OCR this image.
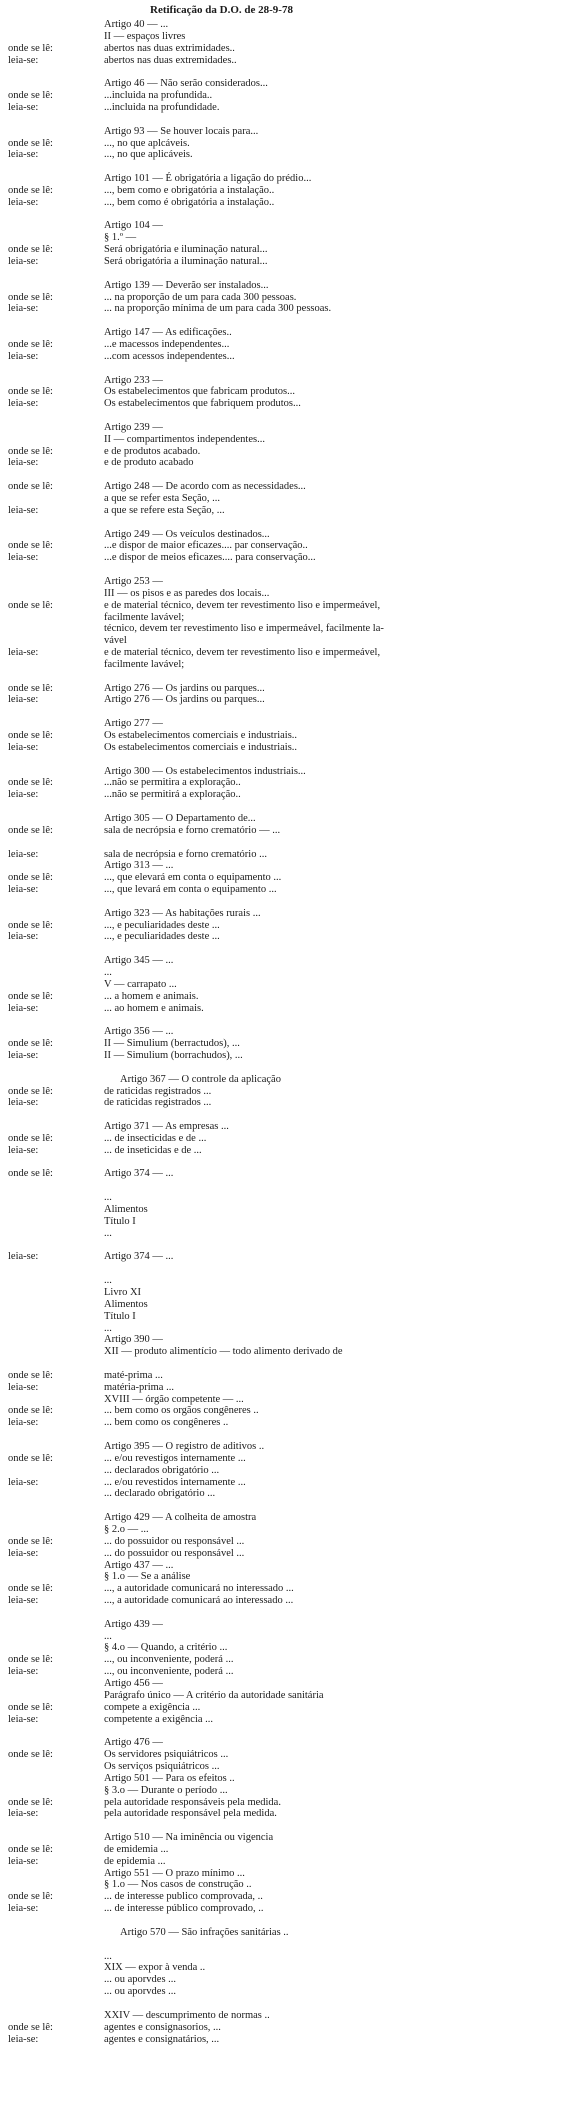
Retificação da D.O. de 28-9-78
Artigo 40 — ...
II — espaços livres
onde se lê:	abertos nas duas extrimidades..
leia-se:	abertos nas duas extremidades..
Artigo 46 — Não serão considerados...
onde se lê:	...incluida na profundida..
leia-se:	...incluida na profundidade.
Artigo 93 — Se houver locais para...
onde se lê:	..., no que aplcáveis.
leia-se:	..., no que aplicáveis.
Artigo 101 — É obrigatória a ligação do prédio...
onde se lê:	..., bem como e obrigatória a instalação..
leia-se:	..., bem como é obrigatória a instalação..
Artigo 104 —
§ 1.º —
onde se lê:	Será obrigatória e iluminação natural...
leia-se:	Será obrigatória a iluminação natural...
Artigo 139 — Deverão ser instalados...
onde se lê:	... na proporção de um para cada 300 pessoas.
leia-se:	... na proporção mínima de um para cada 300 pessoas.
Artigo 147 — As edificações..
onde se lê:	...e macessos independentes...
leia-se:	...com acessos independentes...
Artigo 233 —
onde se lê:	Os estabelecimentos que fabricam produtos...
leia-se:	Os estabelecimentos que fabriquem produtos...
Artigo 239 —
II — compartimentos independentes...
onde se lê:	e de produtos acabado.
leia-se:	e de produto acabado
onde se lê:	Artigo 248 — De acordo com as necessidades...
a que se refer esta Seção, ...
leia-se:	a que se refere esta Seção, ...
Artigo 249 — Os veículos destinados...
onde se lê:	...e dispor de maior eficazes.... par conservação..
leia-se:	...e dispor de meios eficazes.... para conservação...
Artigo 253 —
III — os pisos e as paredes dos locais...
onde se lê:	e de material técnico, devem ter revestimento liso e impermeável,
facilmente lavável;
técnico, devem ter revestimento liso e impermeável, facilmente la-
vável
leia-se:	e de material técnico, devem ter revestimento liso e impermeável,
facilmente lavável;
onde se lê:	Artigo 276 — Os jardins ou parques...
leia-se:	Artigo 276 — Os jardins ou parques...
Artigo 277 —
onde se lê:	Os estabelecimentos comerciais e industriais..
leia-se:	Os estabelecimentos comerciais e industriais..
Artigo 300 — Os estabelecimentos industriais...
onde se lê:	...não se permitira a exploração..
leia-se:	...não se permitirá a exploração..
Artigo 305 — O Departamento de...
onde se lê:	sala de necrópsia e forno crematório — ...
leia-se:	sala de necrópsia e forno crematório ...
Artigo 313 — ...
onde se lê:	..., que elevará em conta o equipamento ...
leia-se:	..., que levará em conta o equipamento ...
Artigo 323 — As habitações rurais ...
onde se lê:	..., e peculiaridades deste ...
leia-se:	..., e peculiaridades deste ...
Artigo 345 — ...
...
V — carrapato ...
onde se lê:	... a homem e animais.
leia-se:	... ao homem e animais.
Artigo 356 — ...
onde se lê:	II — Simulium (berractudos), ...
leia-se:	II — Simulium (borrachudos), ...
Artigo 367 — O controle da aplicação
onde se lê:	de raticidas registrados ...
leia-se:	de raticidas registrados ...
Artigo 371 — As empresas ...
onde se lê:	... de insecticidas e de ...
leia-se:	... de inseticidas e de ...
onde se lê:	Artigo 374 — ...
...
Alimentos
Título I
...
leia-se:	Artigo 374 — ...
...
Livro XI
Alimentos
Título I
...
Artigo 390 —
XII — produto alimentício — todo alimento derivado de
onde se lê:	maté-prima ...
leia-se:	matéria-prima ...
XVIII — órgão competente — ...
onde se lê:	... bem como os orgãos congêneres ..
leia-se:	... bem como os congêneres ..
Artigo 395 — O registro de aditivos ..
onde se lê:	... e/ou revestigos internamente ...
... declarados obrigatório ...
leia-se:	... e/ou revestidos internamente ...
... declarado obrigatório ...
Artigo 429 — A colheita de amostra
§ 2.o — ...
onde se lê:	... do possuidor ou responsável ...
leia-se:	... do possuidor ou responsável ...
Artigo 437 — ...
§ 1.o — Se a análise
onde se lê:	..., a autoridade comunicará no interessado ...
leia-se:	..., a autoridade comunicará ao interessado ...
Artigo 439 —
...
§ 4.o — Quando, a critério ...
onde se lê:	..., ou inconveniente, poderá ...
leia-se:	..., ou inconveniente, poderá ...
Artigo 456 —
Parágrafo único — A critério da autoridade sanitária
onde se lê:	compete a exigência ...
leia-se:	competente a exigência ...
Artigo 476 —
onde se lê:	Os servidores psiquiátricos ...
Os serviços psiquiátricos ...
Artigo 501 — Para os efeitos ..
§ 3.o — Durante o período ...
onde se lê:	pela autoridade responsáveis pela medida.
leia-se:	pela autoridade responsável pela medida.
Artigo 510 — Na iminência ou vigencia
onde se lê:	de emidemia ...
leia-se:	de epidemia ...
Artigo 551 — O prazo mínimo ...
§ 1.o — Nos casos de construção ..
onde se lê:	... de interesse publico comprovada, ..
leia-se:	... de interesse público comprovado, ..
Artigo 570 — São infrações sanitárias ..
...
XIX — expor à venda ..
... ou aporvdes ...
... ou aporvdes ...
XXIV — descumprimento de normas ..
onde se lê:	agentes e consignasorios, ...
leia-se:	agentes e consignatários, ...
